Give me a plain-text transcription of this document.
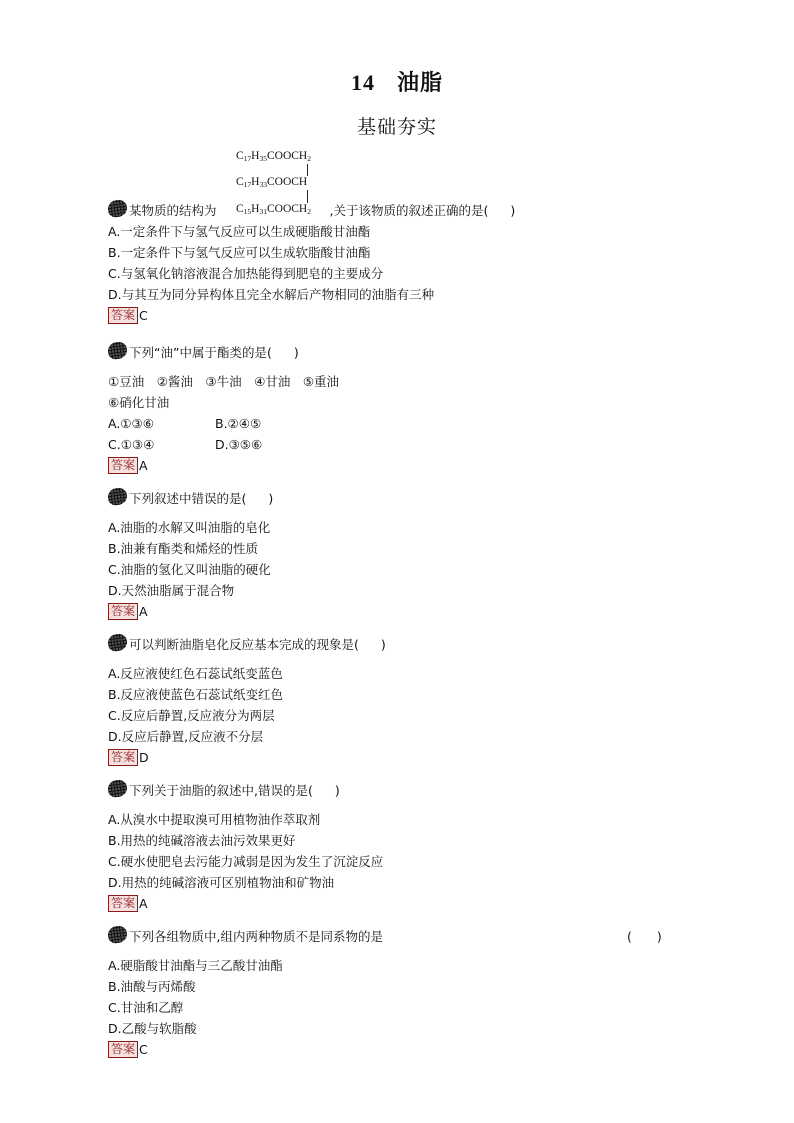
14 油脂
基础夯实
$C_{17}H_{35}COOCH_2$
$C_{17}H_{33}COOCH$
$C_{15}H_{31}COOCH_2$
某物质的结构为	,关于该物质的叙述正确的是( )
A.一定条件下与氢气反应可以生成硬脂酸甘油酯
B.一定条件下与氢气反应可以生成软脂酸甘油酯
C.与氢氧化钠溶液混合加热能得到肥皂的主要成分
D.与其互为同分异构体且完全水解后产物相同的油脂有三种
答案 C
下列“油”中属于酯类的是( )
①豆油　②酱油　③牛油　④甘油　⑤重油
⑥硝化甘油
A.①③⑥	B.②④⑤
C.①③④	D.③⑤⑥
答案 A
下列叙述中错误的是( )
A.油脂的水解又叫油脂的皂化
B.油兼有酯类和烯烃的性质
C.油脂的氢化又叫油脂的硬化
D.天然油脂属于混合物
答案 A
可以判断油脂皂化反应基本完成的现象是( )
A.反应液使红色石蕊试纸变蓝色
B.反应液使蓝色石蕊试纸变红色
C.反应后静置,反应液分为两层
D.反应后静置,反应液不分层
答案 D
下列关于油脂的叙述中,错误的是( )
A.从溴水中提取溴可用植物油作萃取剂
B.用热的纯碱溶液去油污效果更好
C.硬水使肥皂去污能力减弱是因为发生了沉淀反应
D.用热的纯碱溶液可区别植物油和矿物油
答案 A
下列各组物质中,组内两种物质不是同系物的是	(　　)
A.硬脂酸甘油酯与三乙酸甘油酯
B.油酸与丙烯酸
C.甘油和乙醇
D.乙酸与软脂酸
答案 C
